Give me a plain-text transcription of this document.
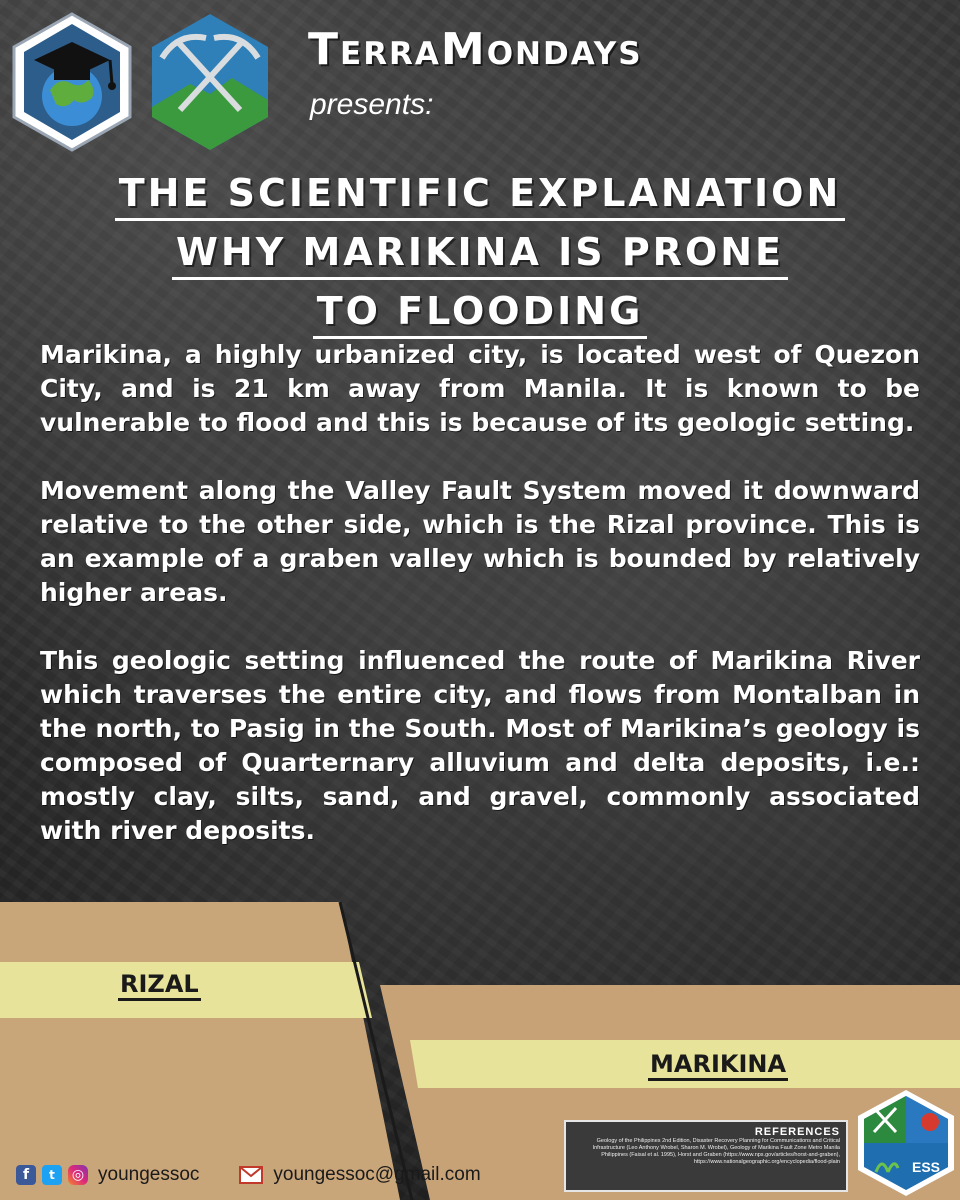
RIZAL
MARIKINA
TerraMondays
presents:
THE SCIENTIFIC EXPLANATION
WHY MARIKINA IS PRONE
TO FLOODING

Marikina, a highly urbanized city, is located west of Quezon City, and is 21 km away from Manila. It is known to be vulnerable to flood and this is because of its geologic setting.

Movement along the Valley Fault System moved it downward relative to the other side, which is the Rizal province. This is an example of a graben valley which is bounded by relatively higher areas.

This geologic setting influenced the route of Marikina River which traverses the entire city, and flows from Montalban in the north, to Pasig in the South. Most of Marikina’s geology is composed of Quarternary alluvium and delta deposits, i.e.: mostly clay, silts, sand, and gravel, commonly associated with river deposits.

REFERENCES
Geology of the Philippines 2nd Edition, Disaster Recovery Planning for Communications and Critical Infrastructure (Leo Anthony Wrobel, Sharon M. Wrobel), Geology of Marikina Fault Zone Metro Manila Philippines (Faisal et al. 1995), Horst and Graben (https://www.nps.gov/articles/horst-and-graben), https://www.nationalgeographic.org/encyclopedia/flood-plain	ESS
f	t	◎ youngessoc	youngessoc@gmail.com
